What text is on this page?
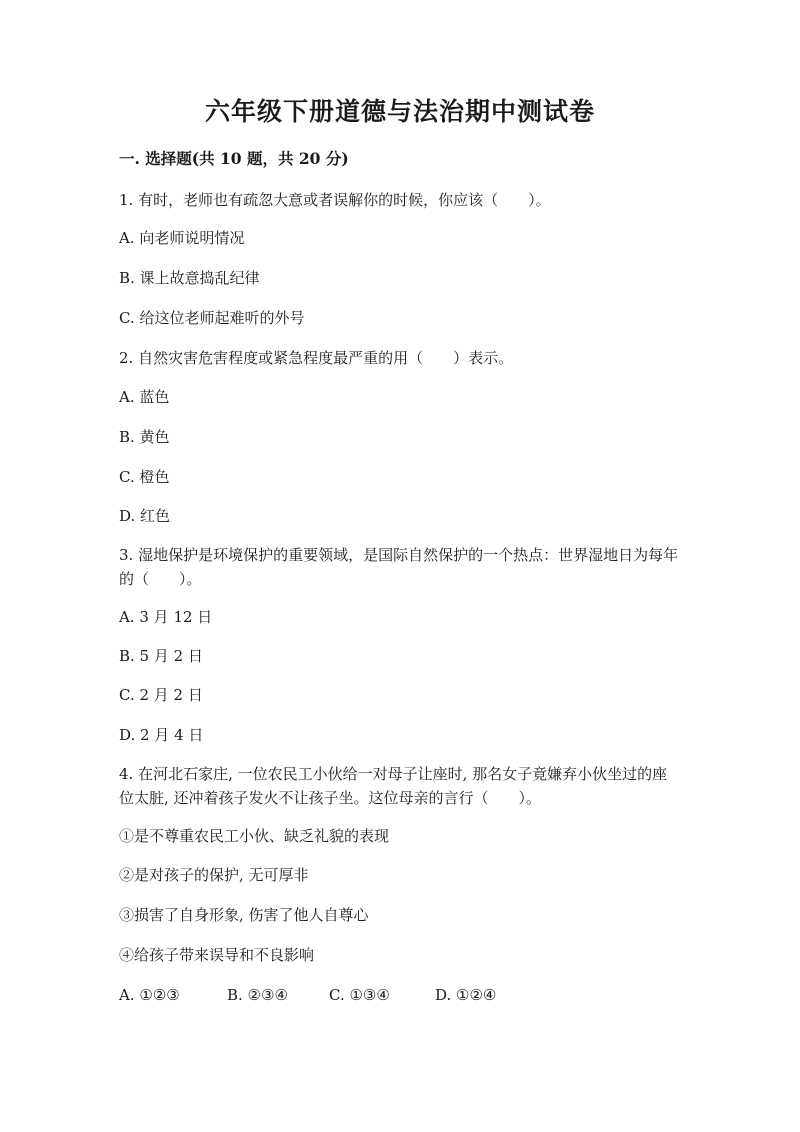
六年级下册道德与法治期中测试卷
一. 选择题(共 10 题，共 20 分)
1. 有时，老师也有疏忽大意或者误解你的时候，你应该（　　）。
A. 向老师说明情况
B. 课上故意捣乱纪律
C. 给这位老师起难听的外号
2. 自然灾害危害程度或紧急程度最严重的用（　　）表示。
A. 蓝色
B. 黄色
C. 橙色
D. 红色
3. 湿地保护是环境保护的重要领域，是国际自然保护的一个热点：世界湿地日为每年的（　　）。
A. 3 月 12 日
B. 5 月 2 日
C. 2 月 2 日
D. 2 月 4 日
4. 在河北石家庄, 一位农民工小伙给一对母子让座时, 那名女子竟嫌弃小伙坐过的座位太脏, 还冲着孩子发火不让孩子坐。这位母亲的言行（　　）。
①是不尊重农民工小伙、缺乏礼貌的表现
②是对孩子的保护, 无可厚非
③损害了自身形象, 伤害了他人自尊心
④给孩子带来误导和不良影响
A. ①②③	B. ②③④	C. ①③④	D. ①②④
